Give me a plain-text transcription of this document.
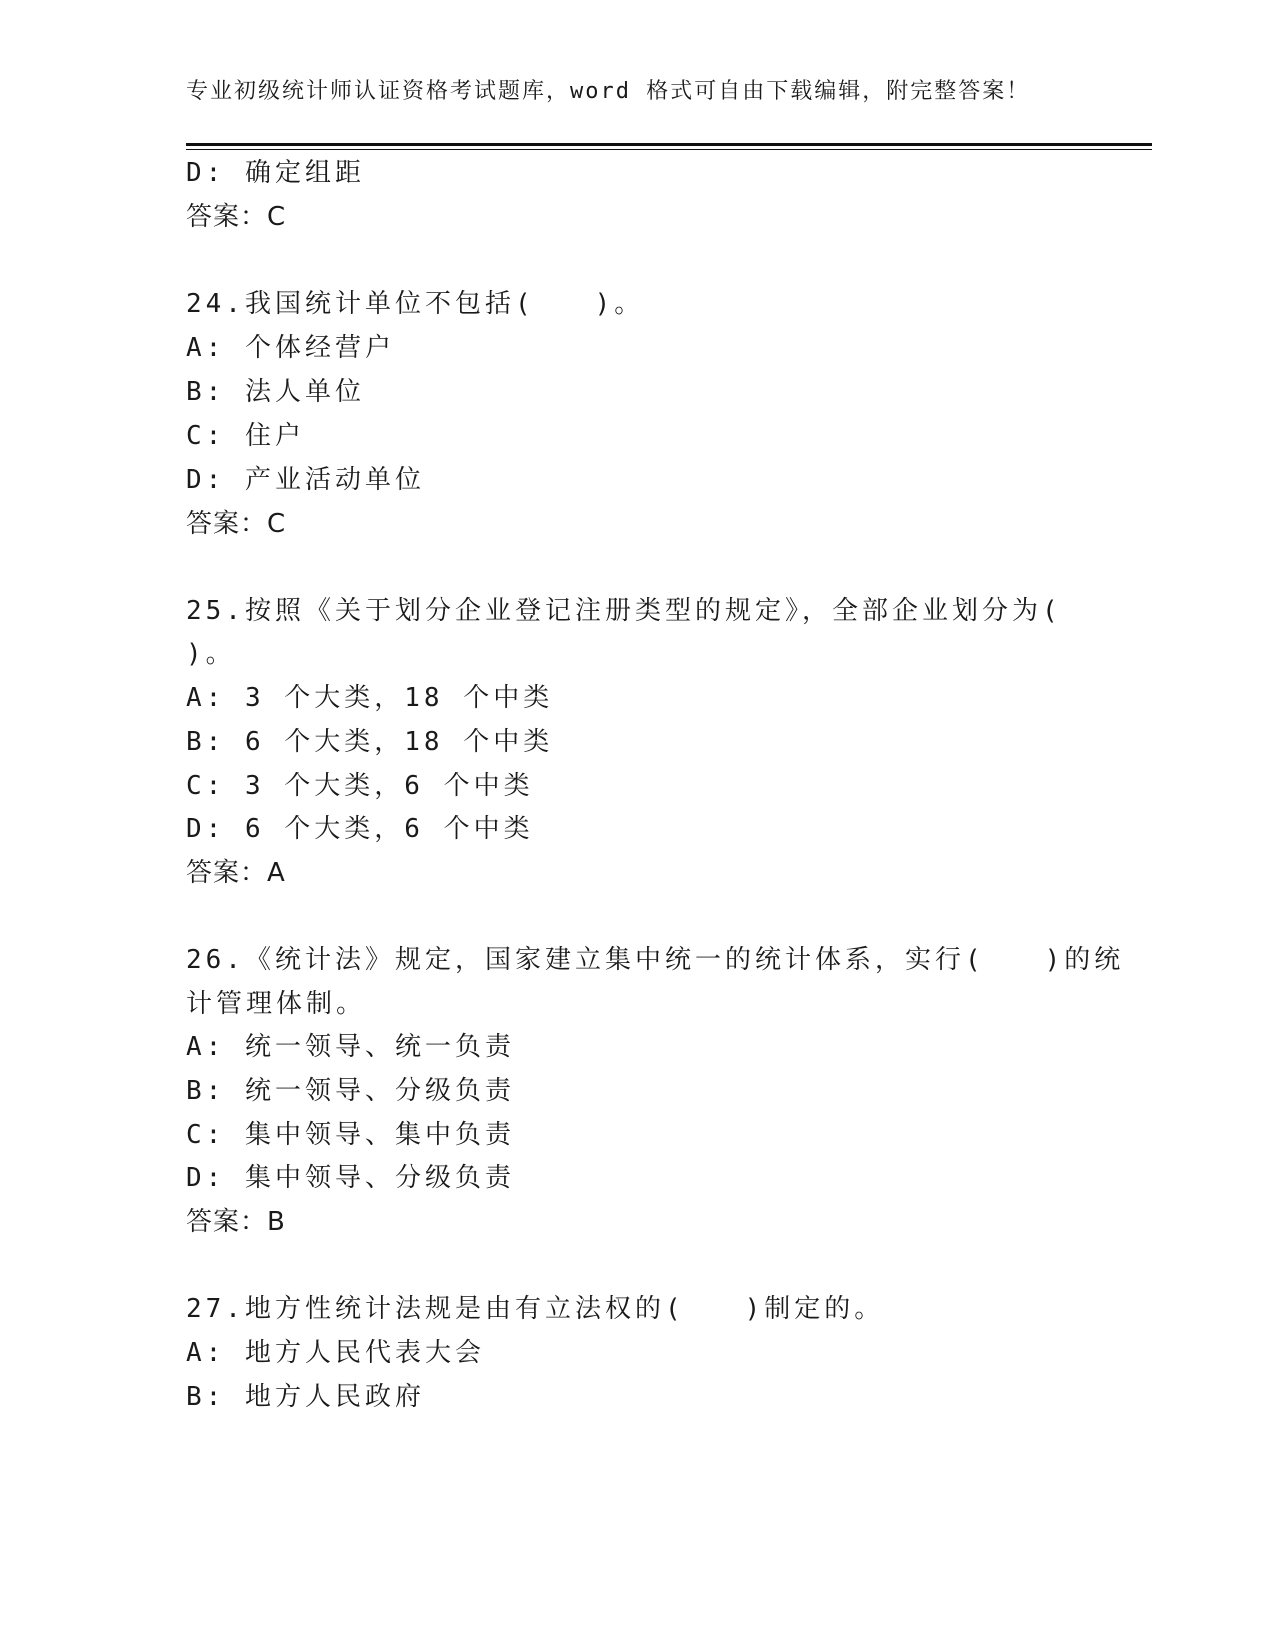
专业初级统计师认证资格考试题库，word 格式可自由下载编辑，附完整答案！
D: 确定组距
答案：C
24.我国统计单位不包括(　　)。
A: 个体经营户
B: 法人单位
C: 住户
D: 产业活动单位
答案：C
25.按照《关于划分企业登记注册类型的规定》，全部企业划分为(
)。
A: 3 个大类，18 个中类
B: 6 个大类，18 个中类
C: 3 个大类，6 个中类
D: 6 个大类，6 个中类
答案：A
26.《统计法》规定，国家建立集中统一的统计体系，实行(　　)的统
计管理体制。
A: 统一领导、统一负责
B: 统一领导、分级负责
C: 集中领导、集中负责
D: 集中领导、分级负责
答案：B
27.地方性统计法规是由有立法权的(　　)制定的。
A: 地方人民代表大会
B: 地方人民政府
